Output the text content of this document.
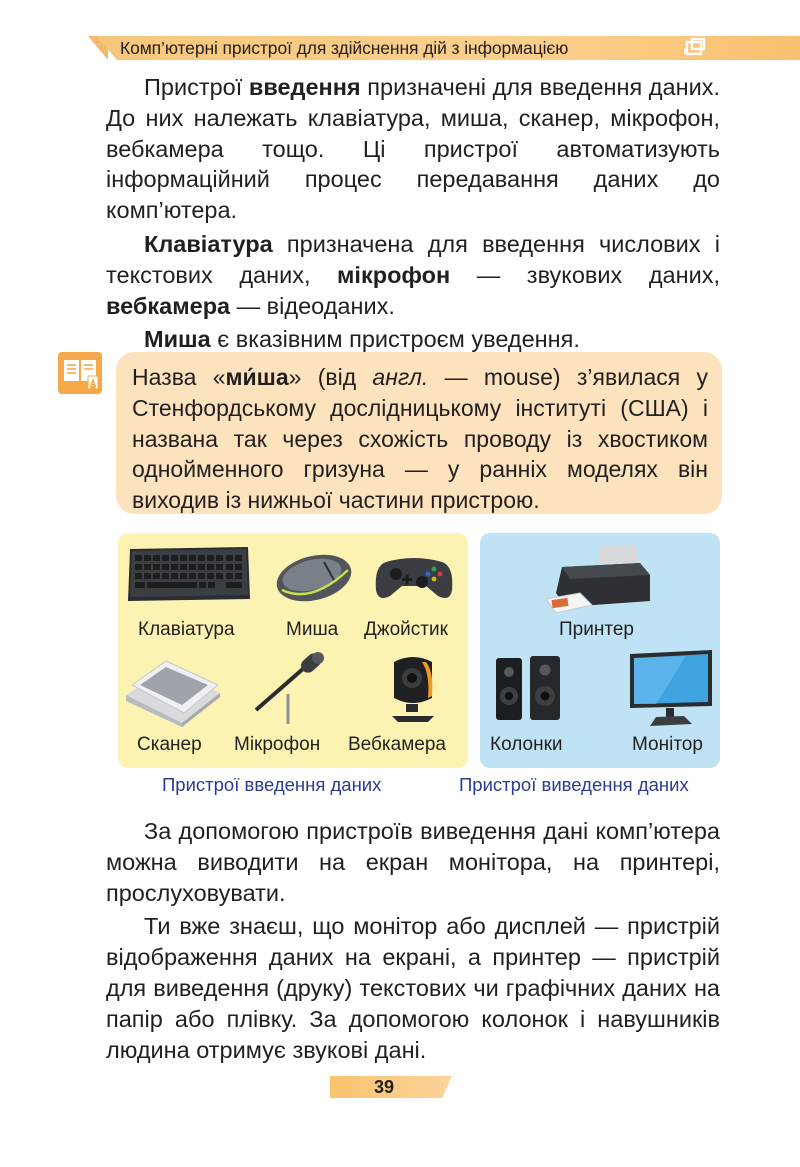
Комп’ютерні пристрої для здійснення дій з інформацією

Пристрої введення призначені для введення даних. До них належать клавіатура, миша, сканер, мікрофон, вебкамера тощо. Ці пристрої автоматизують інформаційний процес передавання даних до комп’ютера.

Клавіатура призначена для введення числових і текстових даних, мікрофон — звукових даних, вебкамера — відеоданих.

Миша є вказівним пристроєм уведення.

Назва «ми́ша» (від англ. — mouse) з’явилася у Стенфордському дослідницькому інституті (США) і названа так через схожість проводу із хвостиком однойменного гризуна — у ранніх моделях він виходив із нижньої частини пристрою.

Клавіатура	Миша Джойстик
Сканер Мікрофон Вебкамера
Принтер
Колонки	Монітор
Пристрої введення даних	Пристрої виведення даних

За допомогою пристроїв виведення дані комп’ютера можна виводити на екран монітора, на принтері, прослуховувати.

Ти вже знаєш, що монітор або дисплей — пристрій відображення даних на екрані, а принтер — пристрій для виведення (друку) текстових чи графічних даних на папір або плівку. За допомогою колонок і навушників людина отримує звукові дані.

39
